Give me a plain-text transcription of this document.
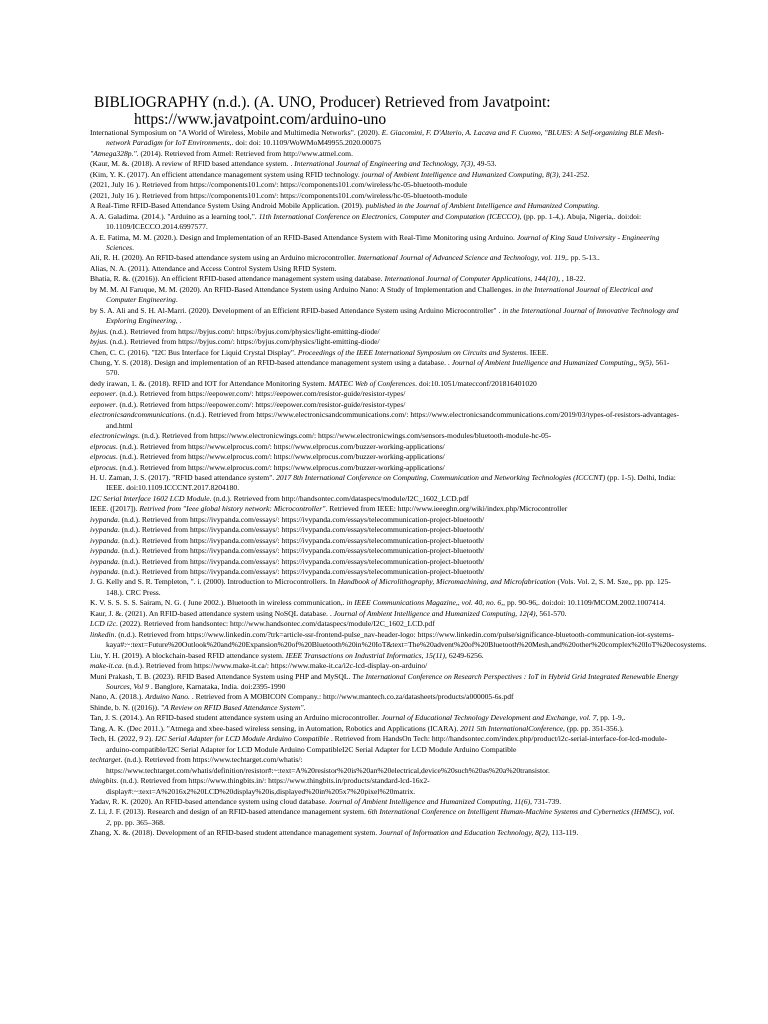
BIBLIOGRAPHY (n.d.). (A. UNO, Producer) Retrieved from Javatpoint:
https://www.javatpoint.com/arduino-uno

International Symposium on "A World of Wireless, Mobile and Multimedia Networks". (2020). E. Giacomini, F. D'Alterio, A. Lacava and F. Cuomo, "BLUES: A Self-organizing BLE Mesh-network Paradigm for IoT Environments,. doi: doi: 10.1109/WoWMoM49955.2020.00075

"Atmega328p.". (2014). Retrieved from Atmel: Retrieved from http://www.atmel.com.

(Kaur, M. &. (2018). A review of RFID based attendance system. . International Journal of Engineering and Technology, 7(3), 49-53.

(Kim, Y. K. (2017). An efficient attendance management system using RFID technology. journal of Ambient Intelligence and Humanized Computing, 8(3), 241-252.

(2021, July 16 ). Retrieved from https://components101.com/: https://components101.com/wireless/hc-05-bluetooth-module

(2021, July 16 ). Retrieved from https://components101.com/: https://components101.com/wireless/hc-05-bluetooth-module

A Real-Time RFID-Based Attendance System Using Android Mobile Application. (2019). published in the Journal of Ambient Intelligence and Humanized Computing.

A. A. Galadima. (2014.). "Arduino as a learning tool,". 11th International Conference on Electronics, Computer and Computation (ICECCO), (pp. pp. 1-4,). Abuja, Nigeria,. doi:doi: 10.1109/ICECCO.2014.6997577.

A. E. Fatima, M. M. (2020.). Design and Implementation of an RFID-Based Attendance System with Real-Time Monitoring using Arduino. Journal of King Saud University - Engineering Sciences.

Ali, R. H. (2020). An RFID-based attendance system using an Arduino microcontroller. International Journal of Advanced Science and Technology, vol. 119,. pp. 5-13..

Alias, N. A. (2011). Attendance and Access Control System Using RFID System.

Bhatia, R. &. ((2016)). An efficient RFID-based attendance management system using database. International Journal of Computer Applications, 144(10), , 18-22.

by M. M. Al Faruque, M. M. (2020). An RFID-Based Attendance System using Arduino Nano: A Study of Implementation and Challenges. in the International Journal of Electrical and Computer Engineering.

by S. A. Ali and S. H. Al-Marri. (2020). Development of an Efficient RFID-based Attendance System using Arduino Microcontroller" . in the International Journal of Innovative Technology and Exploring Engineering, .

byjus. (n.d.). Retrieved from https://byjus.com/: https://byjus.com/physics/light-emitting-diode/

byjus. (n.d.). Retrieved from https://byjus.com/: https://byjus.com/physics/light-emitting-diode/

Chen, C. C. (2016). "I2C Bus Interface for Liquid Crystal Display". Proceedings of the IEEE International Symposium on Circuits and Systems. IEEE.

Chung, Y. S. (2018). Design and implementation of an RFID-based attendance management system using a database. . Journal of Ambient Intelligence and Humanized Computing,, 9(5), 561-570.

dedy irawan, 1. &. (2018). RFID and IOT for Attendance Monitoring System. MATEC Web of Conferences. doi:10.1051/matecconf/201816401020

eepower. (n.d.). Retrieved from https://eepower.com/: https://eepower.com/resistor-guide/resistor-types/

eepower. (n.d.). Retrieved from https://eepower.com/: https://eepower.com/resistor-guide/resistor-types/

electronicsandcommunications. (n.d.). Retrieved from https://www.electronicsandcommunications.com/: https://www.electronicsandcommunications.com/2019/03/types-of-resistors-advantages-and.html

electronicwings. (n.d.). Retrieved from https://www.electronicwings.com/: https://www.electronicwings.com/sensors-modules/bluetooth-module-hc-05-

elprocus. (n.d.). Retrieved from https://www.elprocus.com/: https://www.elprocus.com/buzzer-working-applications/

elprocus. (n.d.). Retrieved from https://www.elprocus.com/: https://www.elprocus.com/buzzer-working-applications/

elprocus. (n.d.). Retrieved from https://www.elprocus.com/: https://www.elprocus.com/buzzer-working-applications/

H. U. Zaman, J. S. (2017). "RFID based attendance system". 2017 8th International Conference on Computing, Communication and Networking Technologies (ICCCNT) (pp. 1-5). Delhi, India: IEEE. doi:10.1109.ICCCNT.2017.8204180.

I2C Serial Interface 1602 LCD Module. (n.d.). Retrieved from http://handsontec.com/dataspecs/module/I2C_1602_LCD.pdf

IEEE. ([2017]). Retrived from "Ieee global history network: Microcontroller". Retrieved from IEEE: http://www.ieeeghn.org/wiki/index.php/Microcontroller

ivypanda. (n.d.). Retrieved from https://ivypanda.com/essays/: https://ivypanda.com/essays/telecommunication-project-bluetooth/

ivypanda. (n.d.). Retrieved from https://ivypanda.com/essays/: https://ivypanda.com/essays/telecommunication-project-bluetooth/

ivypanda. (n.d.). Retrieved from https://ivypanda.com/essays/: https://ivypanda.com/essays/telecommunication-project-bluetooth/

ivypanda. (n.d.). Retrieved from https://ivypanda.com/essays/: https://ivypanda.com/essays/telecommunication-project-bluetooth/

ivypanda. (n.d.). Retrieved from https://ivypanda.com/essays/: https://ivypanda.com/essays/telecommunication-project-bluetooth/

ivypanda. (n.d.). Retrieved from https://ivypanda.com/essays/: https://ivypanda.com/essays/telecommunication-project-bluetooth/

J. G. Kelly and S. R. Templeton, ". i. (2000). Introduction to Microcontrollers. In Handbook of Microlithography, Micromachining, and Microfabrication (Vols. Vol. 2, S. M. Sze,, pp. pp. 125-148.). CRC Press.

K. V. S. S. S. S. Sairam, N. G. ( June 2002.). Bluetooth in wireless communication,. in IEEE Communications Magazine,, vol. 40, no. 6,, pp. 90-96,. doi:doi: 10.1109/MCOM.2002.1007414.

Kaur, J. &. (2021). An RFID-based attendance system using NoSQL database. . Journal of Ambient Intelligence and Humanized Computing, 12(4), 561-570.

LCD i2c. (2022). Retrieved from handsontec: http://www.handsontec.com/dataspecs/module/I2C_1602_LCD.pdf

linkedin. (n.d.). Retrieved from https://www.linkedin.com/?trk=article-ssr-frontend-pulse_nav-header-logo: https://www.linkedin.com/pulse/significance-bluetooth-communication-iot-systems-kaya#:~:text=Future%20Outlook%20and%20Expansion%20of%20Bluetooth%20in%20IoT&text=The%20advent%20of%20Bluetooth%20Mesh,and%20other%20complex%20IoT%20ecosystems.

Liu, Y. H. (2019). A blockchain-based RFID attendance system. IEEE Transactions on Industrial Informatics, 15(11), 6249-6256.

make-it.ca. (n.d.). Retrieved from https://www.make-it.ca/: https://www.make-it.ca/i2c-lcd-display-on-arduino/

Muni Prakash, T. B. (2023). RFID Based Attendance System using PHP and MySQL. The International Conference on Research Perspectives : IoT in Hybrid Grid Integrated Renewable Energy Sources, Vol 9 . Banglore, Karnataka, India. doi:2395-1990

Nano, A. (2018.). Arduino Nano. . Retrieved from A MOBICON Company.: http://www.mantech.co.za/datasheets/products/a000005-6s.pdf

Shinde, b. N. ((2016)). "A Review on RFID Based Attendance System".

Tan, J. S. (2014.). An RFID-based student attendance system using an Arduino microcontroller. Journal of Educational Technology Development and Exchange, vol. 7, pp. 1-9,.

Tang, A. K. (Dec 2011.). "Atmega and xbee-based wireless sensing, in Automation, Robotics and Applications (ICARA). 2011 5th InternationalConference, (pp. pp. 351-356.).

Tech, H. (2022, 9 2). I2C Serial Adapter for LCD Module Arduino Compatible . Retrieved from HandsOn Tech: http://handsontec.com/index.php/product/i2c-serial-interface-for-lcd-module-arduino-compatible/I2C Serial Adapter for LCD Module Arduino CompatibleI2C Serial Adapter for LCD Module Arduino Compatible

techtarget. (n.d.). Retrieved from https://www.techtarget.com/whatis/: https://www.techtarget.com/whatis/definition/resistor#:~:text=A%20resistor%20is%20an%20electrical,device%20such%20as%20a%20transistor.

thingbits. (n.d.). Retrieved from https://www.thingbits.in/: https://www.thingbits.in/products/standard-lcd-16x2-display#:~:text=A%2016x2%20LCD%20display%20is,displayed%20in%205x7%20pixel%20matrix.

Yadav, R. K. (2020). An RFID-based attendance system using cloud database. Journal of Ambient Intelligence and Humanized Computing, 11(6), 731-739.

Z. Li, J. F. (2013). Research and design of an RFID-based attendance management system. 6th International Conference on Intelligent Human-Machine Systems and Cybernetics (IHMSC), vol. 2, pp. pp. 365–368.

Zhang, X. &. (2018). Development of an RFID-based student attendance management system. Journal of Information and Education Technology, 8(2), 113-119.
